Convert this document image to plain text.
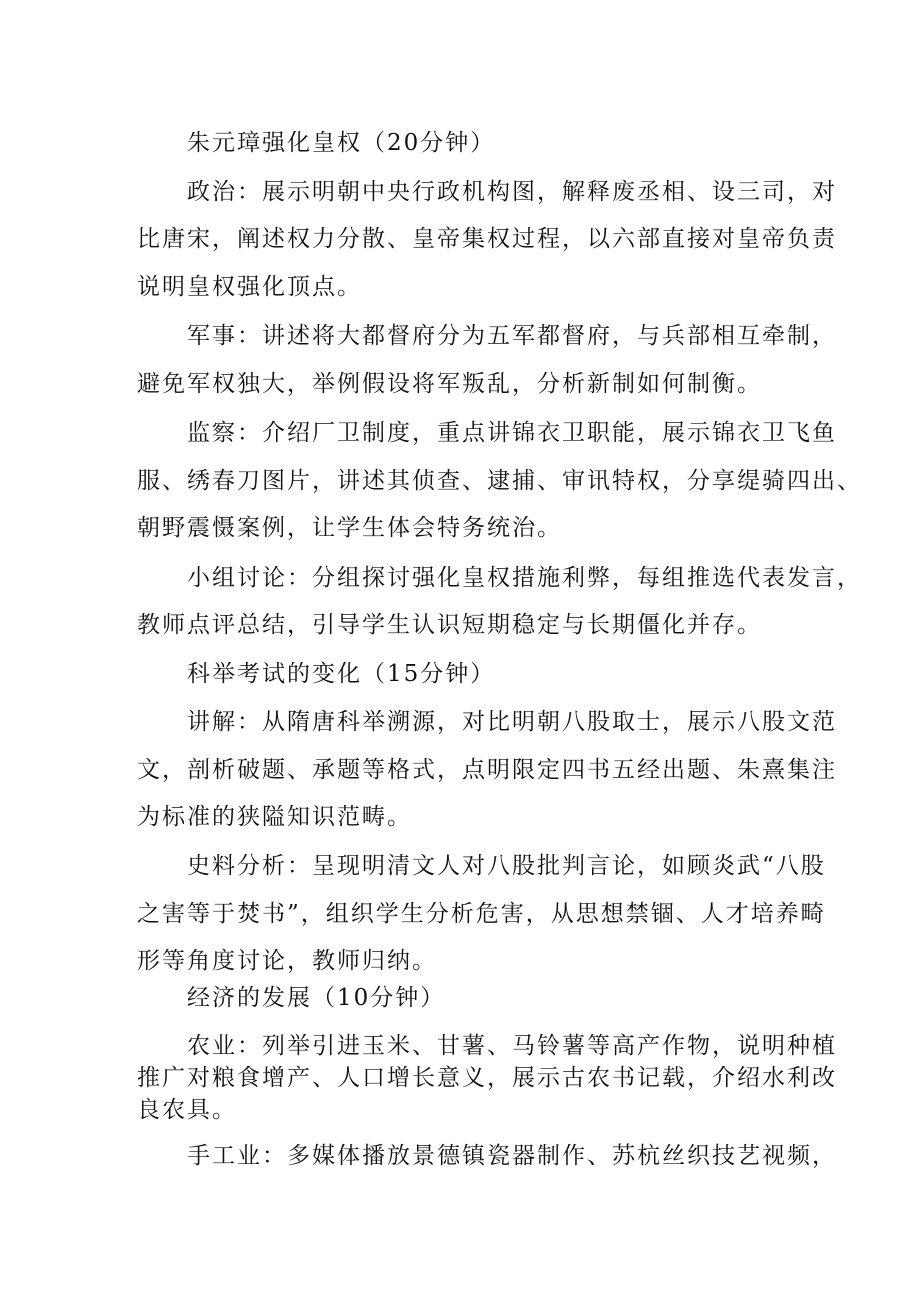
朱元璋强化皇权（20分钟）
政治：展示明朝中央行政机构图，解释废丞相、设三司，对
比唐宋，阐述权力分散、皇帝集权过程，以六部直接对皇帝负责
说明皇权强化顶点。
军事：讲述将大都督府分为五军都督府，与兵部相互牵制，
避免军权独大，举例假设将军叛乱，分析新制如何制衡。
监察：介绍厂卫制度，重点讲锦衣卫职能，展示锦衣卫飞鱼
服、绣春刀图片，讲述其侦查、逮捕、审讯特权，分享缇骑四出、
朝野震慑案例，让学生体会特务统治。
小组讨论：分组探讨强化皇权措施利弊，每组推选代表发言，
教师点评总结，引导学生认识短期稳定与长期僵化并存。
科举考试的变化（15分钟）
讲解：从隋唐科举溯源，对比明朝八股取士，展示八股文范
文，剖析破题、承题等格式，点明限定四书五经出题、朱熹集注
为标准的狭隘知识范畴。
史料分析：呈现明清文人对八股批判言论，如顾炎武“八股
之害等于焚书”，组织学生分析危害，从思想禁锢、人才培养畸
形等角度讨论，教师归纳。
经济的发展（10分钟）
农业：列举引进玉米、甘薯、马铃薯等高产作物，说明种植
推广对粮食增产、人口增长意义，展示古农书记载，介绍水利改
良农具。
手工业：多媒体播放景德镇瓷器制作、苏杭丝织技艺视频，
